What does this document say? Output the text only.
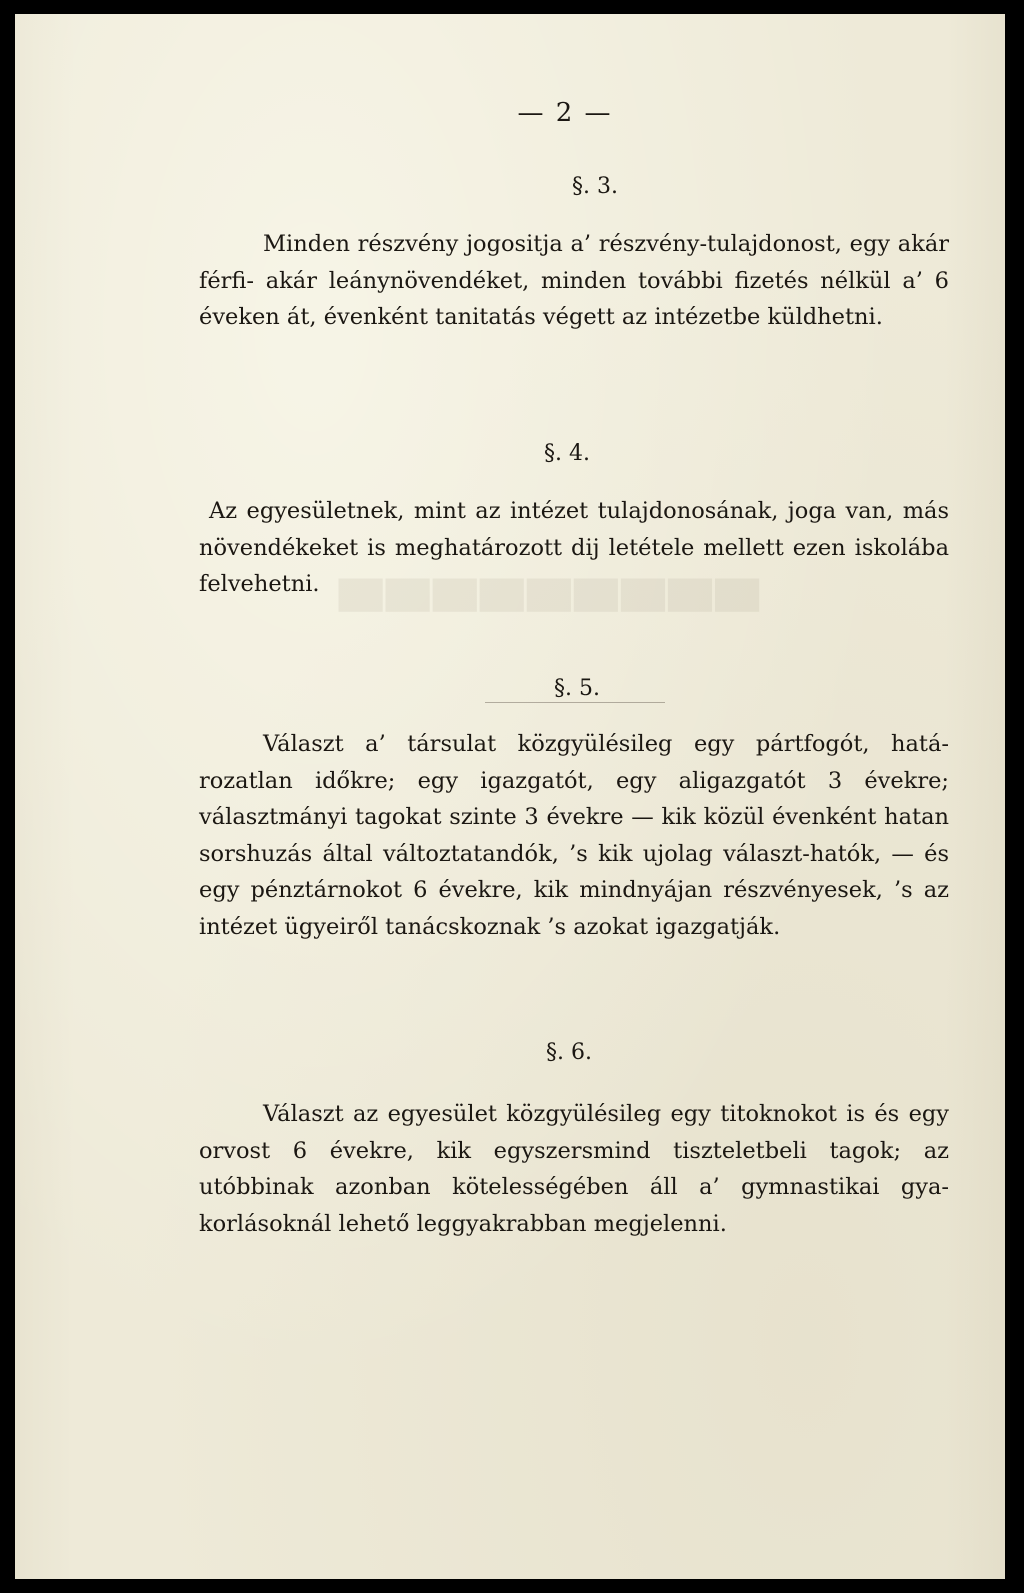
▀▀▀▀▀▀▀▀▀
— 2 —
§. 3.
Minden részvény jogositja a’ részvény-tulajdonost, egy akár férfi- akár leánynövendéket, minden további fizetés nélkül a’ 6 éveken át, évenként tanitatás végett az intézetbe küldhetni.
§. 4.
Az egyesületnek, mint az intézet tulajdonosának, joga van, más növendékeket is meghatározott dij letétele mellett ezen iskolába felvehetni.
§. 5.
Választ a’ társulat közgyülésileg egy pártfogót, hatá-rozatlan időkre; egy igazgatót, egy aligazgatót 3 évekre; választmányi tagokat szinte 3 évekre — kik közül évenként hatan sorshuzás által változtatandók, ’s kik ujolag választ-hatók, — és egy pénztárnokot 6 évekre, kik mindnyájan részvényesek, ’s az intézet ügyeiről tanácskoznak ’s azokat igazgatják.
§. 6.
Választ az egyesület közgyülésileg egy titoknokot is és egy orvost 6 évekre, kik egyszersmind tiszteletbeli tagok; az utóbbinak azonban kötelességében áll a’ gymnastikai gya-korlásoknál lehető leggyakrabban megjelenni.
